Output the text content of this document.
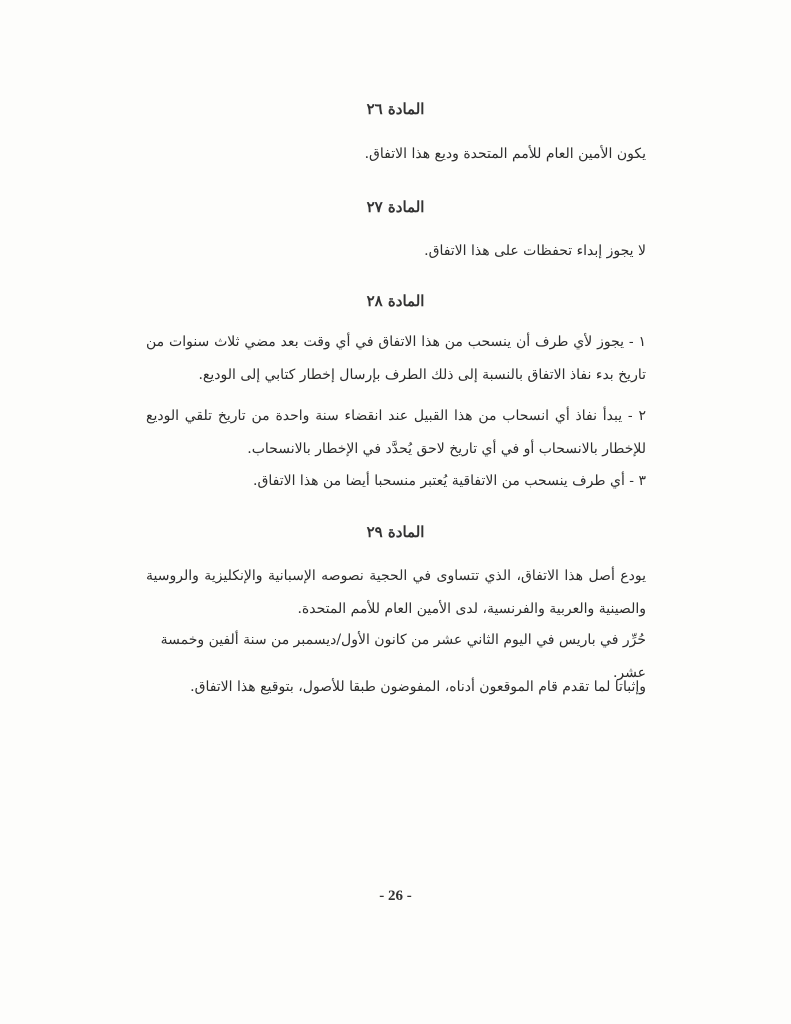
المادة ٢٦
يكون الأمين العام للأمم المتحدة وديع هذا الاتفاق.
المادة ٢٧
لا يجوز إبداء تحفظات على هذا الاتفاق.
المادة ٢٨
١ - يجوز لأي طرف أن ينسحب من هذا الاتفاق في أي وقت بعد مضي ثلاث سنوات من تاريخ بدء نفاذ الاتفاق بالنسبة إلى ذلك الطرف بإرسال إخطار كتابي إلى الوديع.
٢ - يبدأ نفاذ أي انسحاب من هذا القبيل عند انقضاء سنة واحدة من تاريخ تلقي الوديع للإخطار بالانسحاب أو في أي تاريخ لاحق يُحدَّد في الإخطار بالانسحاب.
٣ - أي طرف ينسحب من الاتفاقية يُعتبر منسحبا أيضا من هذا الاتفاق.
المادة ٢٩
يودع أصل هذا الاتفاق، الذي تتساوى في الحجية نصوصه الإسبانية والإنكليزية والروسية والصينية والعربية والفرنسية، لدى الأمين العام للأمم المتحدة.
حُرِّر في باريس في اليوم الثاني عشر من كانون الأول/ديسمبر من سنة ألفين وخمسة عشر.
وإثباتا لما تقدم قام الموقعون أدناه، المفوضون طبقا للأصول، بتوقيع هذا الاتفاق.
- 26 -
